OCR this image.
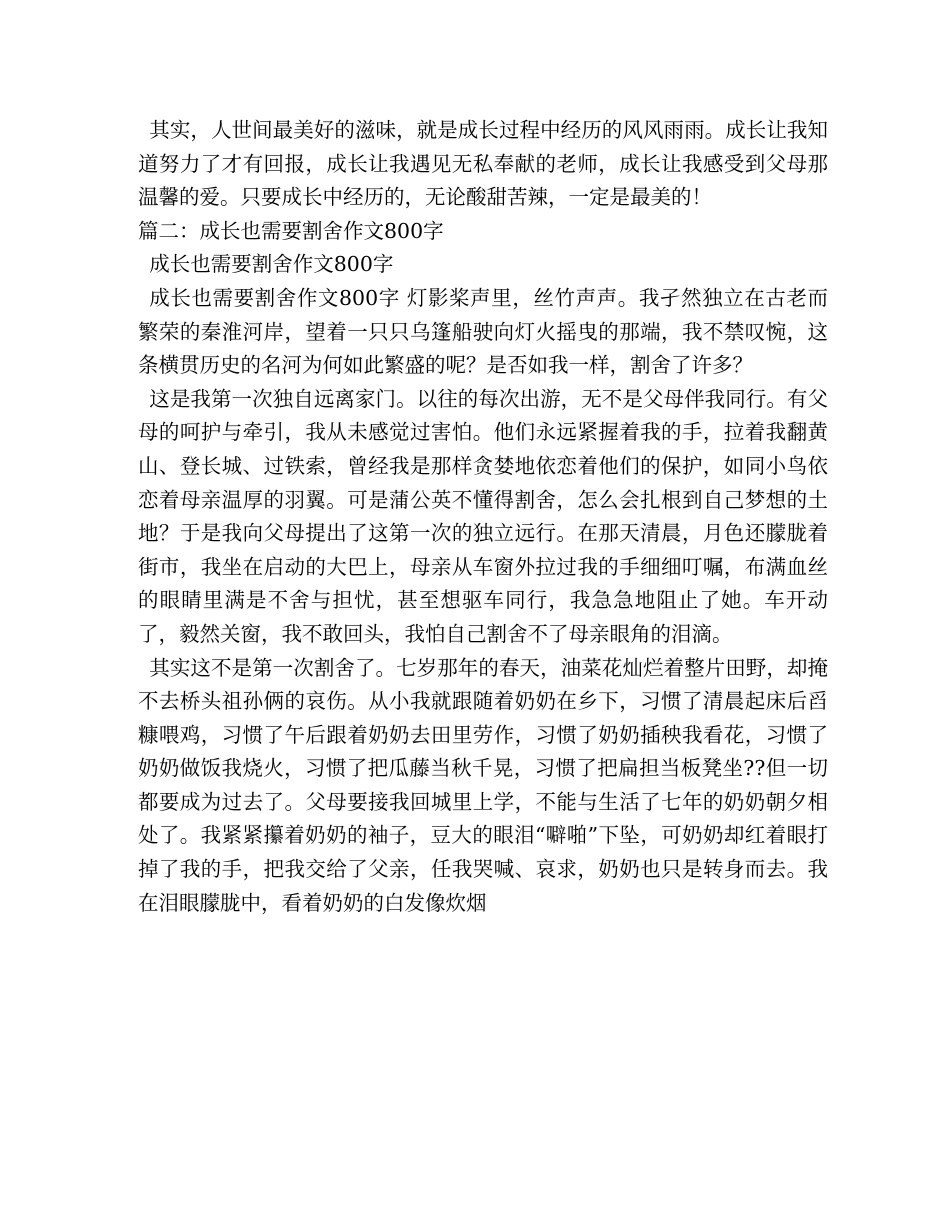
其实，人世间最美好的滋味，就是成长过程中经历的风风雨雨。成长让我知道努力了才有回报，成长让我遇见无私奉献的老师，成长让我感受到父母那温馨的爱。只要成长中经历的，无论酸甜苦辣，一定是最美的！

篇二：成长也需要割舍作文800字

成长也需要割舍作文800字

成长也需要割舍作文800字 灯影桨声里，丝竹声声。我孑然独立在古老而繁荣的秦淮河岸，望着一只只乌篷船驶向灯火摇曳的那端，我不禁叹惋，这条横贯历史的名河为何如此繁盛的呢？是否如我一样，割舍了许多？

这是我第一次独自远离家门。以往的每次出游，无不是父母伴我同行。有父母的呵护与牵引，我从未感觉过害怕。他们永远紧握着我的手，拉着我翻黄山、登长城、过铁索，曾经我是那样贪婪地依恋着他们的保护，如同小鸟依恋着母亲温厚的羽翼。可是蒲公英不懂得割舍，怎么会扎根到自己梦想的土地？于是我向父母提出了这第一次的独立远行。在那天清晨，月色还朦胧着街市，我坐在启动的大巴上，母亲从车窗外拉过我的手细细叮嘱，布满血丝的眼睛里满是不舍与担忧，甚至想驱车同行，我急急地阻止了她。车开动了，毅然关窗，我不敢回头，我怕自己割舍不了母亲眼角的泪滴。

其实这不是第一次割舍了。七岁那年的春天，油菜花灿烂着整片田野，却掩不去桥头祖孙俩的哀伤。从小我就跟随着奶奶在乡下，习惯了清晨起床后舀糠喂鸡，习惯了午后跟着奶奶去田里劳作，习惯了奶奶插秧我看花，习惯了奶奶做饭我烧火，习惯了把瓜藤当秋千晃，习惯了把扁担当板凳坐??但一切都要成为过去了。父母要接我回城里上学，不能与生活了七年的奶奶朝夕相处了。我紧紧攥着奶奶的袖子，豆大的眼泪“噼啪”下坠，可奶奶却红着眼打掉了我的手，把我交给了父亲，任我哭喊、哀求，奶奶也只是转身而去。我在泪眼朦胧中，看着奶奶的白发像炊烟
